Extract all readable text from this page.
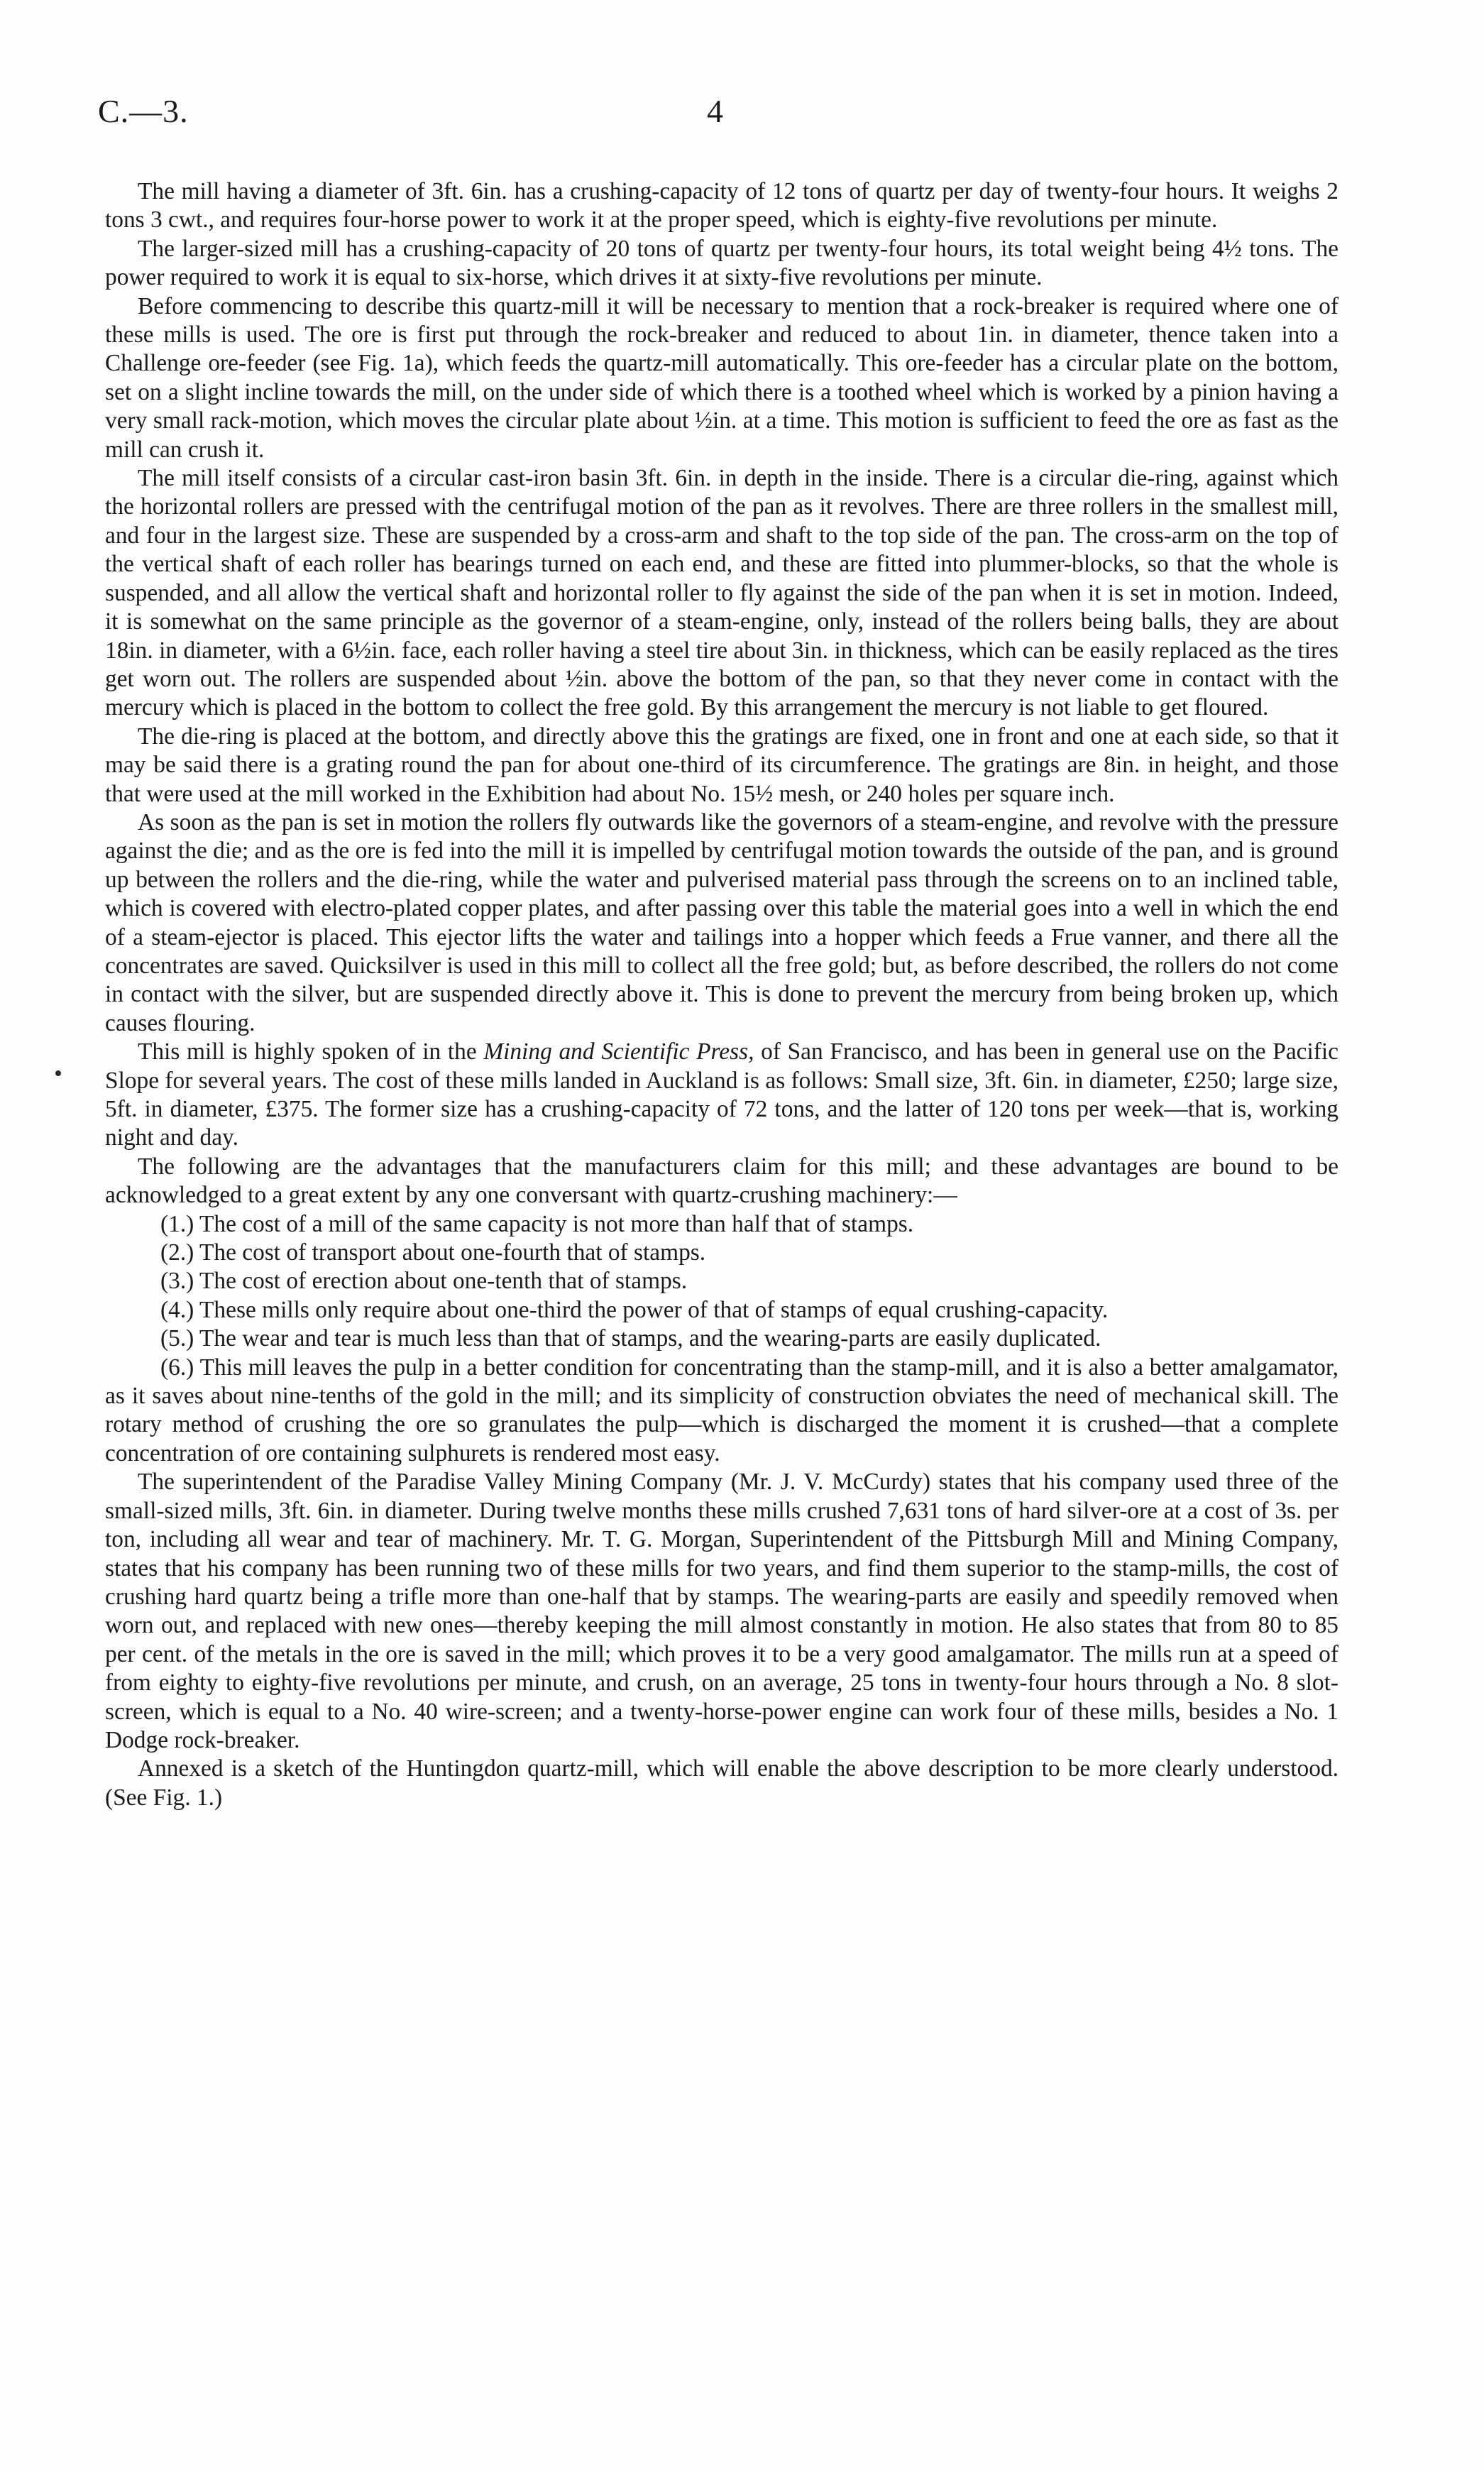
C.—3.	4

The mill having a diameter of 3ft. 6in. has a crushing-capacity of 12 tons of quartz per day of twenty-four hours. It weighs 2 tons 3 cwt., and requires four-horse power to work it at the proper speed, which is eighty-five revolutions per minute.

The larger-sized mill has a crushing-capacity of 20 tons of quartz per twenty-four hours, its total weight being 4½ tons. The power required to work it is equal to six-horse, which drives it at sixty-five revolutions per minute.

Before commencing to describe this quartz-mill it will be necessary to mention that a rock-breaker is required where one of these mills is used. The ore is first put through the rock-breaker and reduced to about 1in. in diameter, thence taken into a Challenge ore-feeder (see Fig. 1a), which feeds the quartz-mill automatically. This ore-feeder has a circular plate on the bottom, set on a slight incline towards the mill, on the under side of which there is a toothed wheel which is worked by a pinion having a very small rack-motion, which moves the circular plate about ½in. at a time. This motion is sufficient to feed the ore as fast as the mill can crush it.

The mill itself consists of a circular cast-iron basin 3ft. 6in. in depth in the inside. There is a circular die-ring, against which the horizontal rollers are pressed with the centrifugal motion of the pan as it revolves. There are three rollers in the smallest mill, and four in the largest size. These are suspended by a cross-arm and shaft to the top side of the pan. The cross-arm on the top of the vertical shaft of each roller has bearings turned on each end, and these are fitted into plummer-blocks, so that the whole is suspended, and all allow the vertical shaft and horizontal roller to fly against the side of the pan when it is set in motion. Indeed, it is somewhat on the same principle as the governor of a steam-engine, only, instead of the rollers being balls, they are about 18in. in diameter, with a 6½in. face, each roller having a steel tire about 3in. in thickness, which can be easily replaced as the tires get worn out. The rollers are suspended about ½in. above the bottom of the pan, so that they never come in contact with the mercury which is placed in the bottom to collect the free gold. By this arrangement the mercury is not liable to get floured.

The die-ring is placed at the bottom, and directly above this the gratings are fixed, one in front and one at each side, so that it may be said there is a grating round the pan for about one-third of its circumference. The gratings are 8in. in height, and those that were used at the mill worked in the Exhibition had about No. 15½ mesh, or 240 holes per square inch.

As soon as the pan is set in motion the rollers fly outwards like the governors of a steam-engine, and revolve with the pressure against the die; and as the ore is fed into the mill it is impelled by centrifugal motion towards the outside of the pan, and is ground up between the rollers and the die-ring, while the water and pulverised material pass through the screens on to an inclined table, which is covered with electro-plated copper plates, and after passing over this table the material goes into a well in which the end of a steam-ejector is placed. This ejector lifts the water and tailings into a hopper which feeds a Frue vanner, and there all the concentrates are saved. Quicksilver is used in this mill to collect all the free gold; but, as before described, the rollers do not come in contact with the silver, but are suspended directly above it. This is done to prevent the mercury from being broken up, which causes flouring.

This mill is highly spoken of in the Mining and Scientific Press, of San Francisco, and has been in general use on the Pacific Slope for several years. The cost of these mills landed in Auckland is as follows: Small size, 3ft. 6in. in diameter, £250; large size, 5ft. in diameter, £375. The former size has a crushing-capacity of 72 tons, and the latter of 120 tons per week—that is, working night and day.

The following are the advantages that the manufacturers claim for this mill; and these advantages are bound to be acknowledged to a great extent by any one conversant with quartz-crushing machinery:—

(1.) The cost of a mill of the same capacity is not more than half that of stamps.

(2.) The cost of transport about one-fourth that of stamps.

(3.) The cost of erection about one-tenth that of stamps.

(4.) These mills only require about one-third the power of that of stamps of equal crushing-capacity.

(5.) The wear and tear is much less than that of stamps, and the wearing-parts are easily duplicated.

(6.) This mill leaves the pulp in a better condition for concentrating than the stamp-mill, and it is also a better amalgamator, as it saves about nine-tenths of the gold in the mill; and its simplicity of construction obviates the need of mechanical skill. The rotary method of crushing the ore so granulates the pulp—which is discharged the moment it is crushed—that a complete concentration of ore containing sulphurets is rendered most easy.

The superintendent of the Paradise Valley Mining Company (Mr. J. V. McCurdy) states that his company used three of the small-sized mills, 3ft. 6in. in diameter. During twelve months these mills crushed 7,631 tons of hard silver-ore at a cost of 3s. per ton, including all wear and tear of machinery. Mr. T. G. Morgan, Superintendent of the Pittsburgh Mill and Mining Company, states that his company has been running two of these mills for two years, and find them superior to the stamp-mills, the cost of crushing hard quartz being a trifle more than one-half that by stamps. The wearing-parts are easily and speedily removed when worn out, and replaced with new ones—thereby keeping the mill almost constantly in motion. He also states that from 80 to 85 per cent. of the metals in the ore is saved in the mill; which proves it to be a very good amalgamator. The mills run at a speed of from eighty to eighty-five revolutions per minute, and crush, on an average, 25 tons in twenty-four hours through a No. 8 slot-screen, which is equal to a No. 40 wire-screen; and a twenty-horse-power engine can work four of these mills, besides a No. 1 Dodge rock-breaker.

Annexed is a sketch of the Huntingdon quartz-mill, which will enable the above description to be more clearly understood. (See Fig. 1.)
